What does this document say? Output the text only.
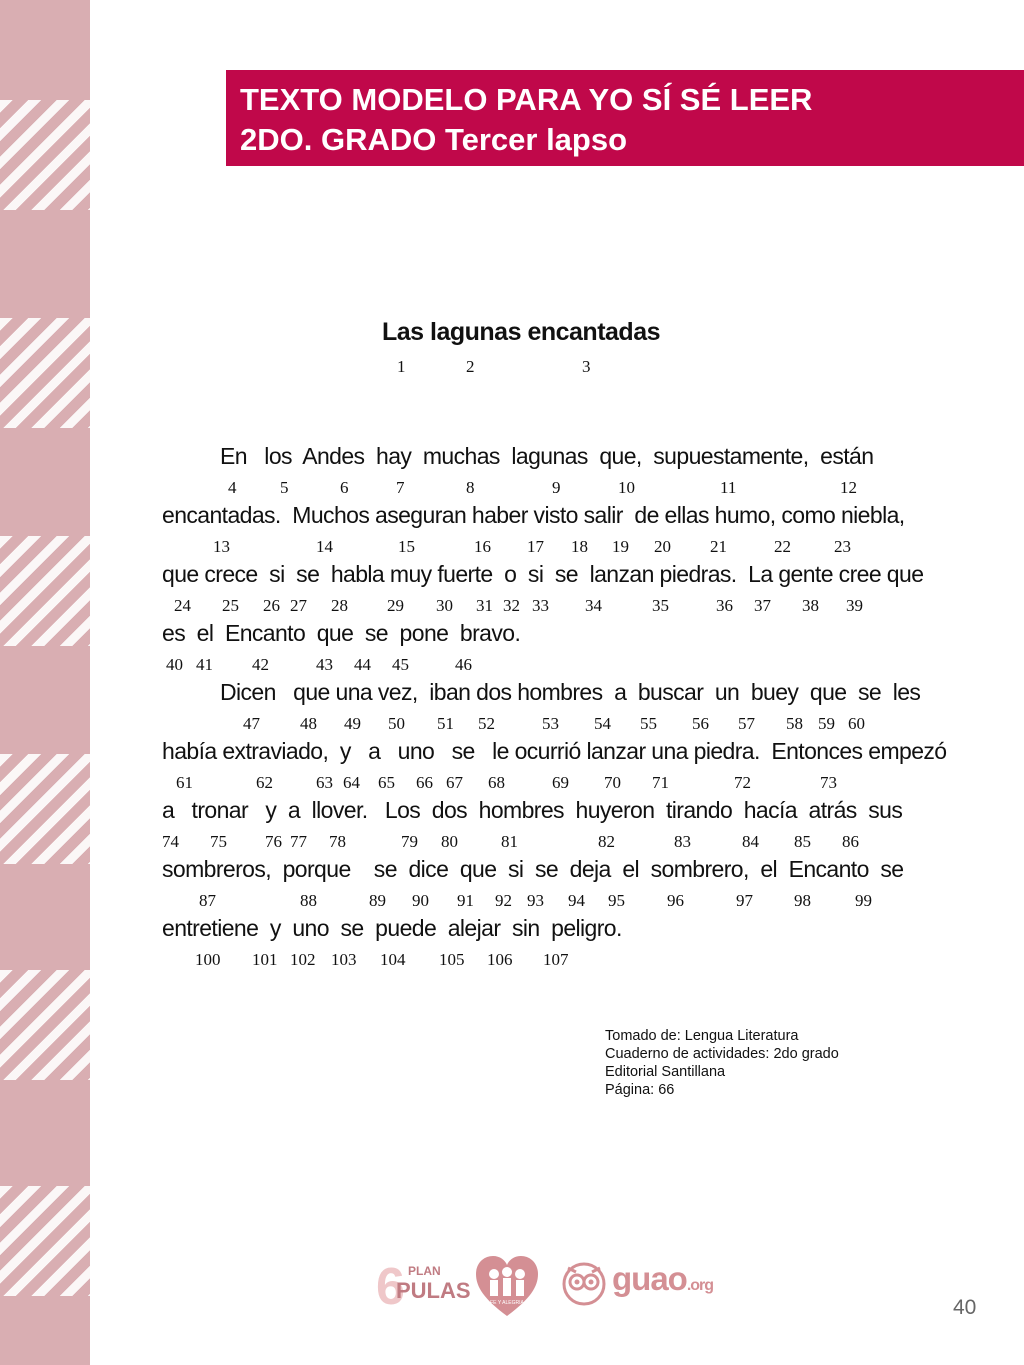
TEXTO MODELO PARA YO SÍ SÉ LEER
2DO. GRADO Tercer lapso
Las lagunas encantadas
1	2	3
En   los  Andes  hay  muchas  lagunas  que,  supuestamente,  están
4	5	6	7	8	9	10	11	12
encantadas.  Muchos aseguran haber visto salir  de ellas humo, como niebla,
13	14	15	16 17 18 19 20 21	22	23
que crece  si  se  habla muy fuerte  o  si  se  lanzan piedras.  La gente cree que
24 25 26 27 28 29 30 31 32 33 34	35	36 37 38 39
es  el  Encanto  que  se  pone  bravo.
40 41 42	43 44 45	46
Dicen   que una vez,  iban dos hombres  a  buscar  un  buey  que  se  les
47 48 49 50 51 52	53 54 55 56 57 58 59 60
había extraviado,  y   a   uno   se   le ocurrió lanzar una piedra.  Entonces empezó
61	62	63 64 65 66 67 68	69 70 71	72	73
a   tronar   y  a  llover.   Los  dos  hombres  huyeron  tirando  hacía  atrás  sus
74 75 76 77 78	79 80	81	82	83	84 85 86
sombreros,  porque    se  dice  que  si  se  deja  el  sombrero,  el  Encanto  se
87	88	89 90 91 92 93 94 95 96	97 98	99
entretiene  y  uno  se  puede  alejar  sin  peligro.
100 101 102 103 104 105 106 107
Tomado de: Lengua Literatura
Cuaderno de actividades: 2do grado
Editorial Santillana
Página: 66
6 PLAN
PULAS	FE Y ALEGRIA
guao.org
40
